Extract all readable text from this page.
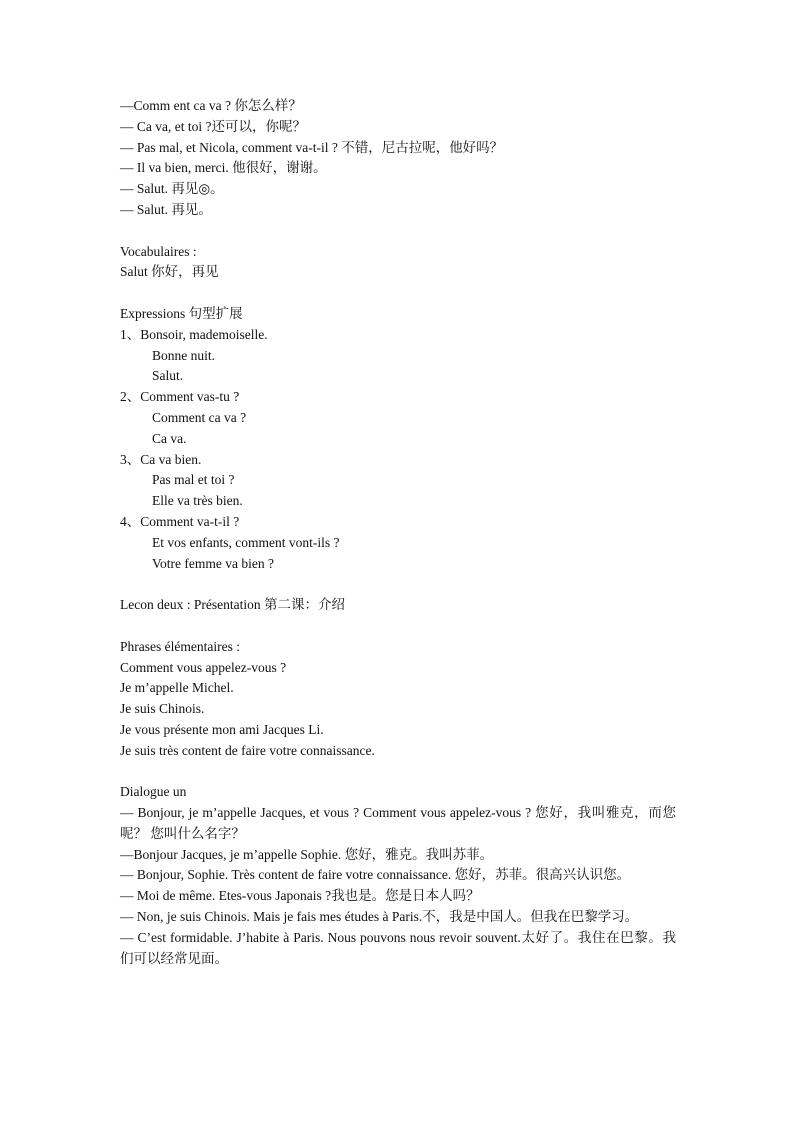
—Comm ent ca va ? 你怎么样？
— Ca va, et toi ?还可以，你呢？
— Pas mal, et Nicola, comment va-t-il ? 不错，尼古拉呢，他好吗？
— Il va bien, merci. 他很好，谢谢。
— Salut. 再见◎。
— Salut. 再见。
Vocabulaires :
Salut 你好，再见
Expressions 句型扩展
1、Bonsoir, mademoiselle.
Bonne nuit.
Salut.
2、Comment vas-tu ?
Comment ca va ?
Ca va.
3、Ca va bien.
Pas mal et toi ?
Elle va très bien.
4、Comment va-t-il ?
Et vos enfants, comment vont-ils ?
Votre femme va bien ?
Lecon deux : Présentation 第二课：介绍
Phrases élémentaires :
Comment vous appelez-vous ?
Je m’appelle Michel.
Je suis Chinois.
Je vous présente mon ami Jacques Li.
Je suis très content de faire votre connaissance.
Dialogue un
— Bonjour, je m’appelle Jacques, et vous ? Comment vous appelez-vous ? 您好，我叫雅克，而您呢？ 您叫什么名字？
—Bonjour Jacques, je m’appelle Sophie. 您好，雅克。我叫苏菲。
— Bonjour, Sophie. Très content de faire votre connaissance. 您好，苏菲。很高兴认识您。
— Moi de même. Etes-vous Japonais ?我也是。您是日本人吗？
— Non, je suis Chinois. Mais je fais mes études à Paris.不，我是中国人。但我在巴黎学习。
— C’est formidable. J’habite à Paris. Nous pouvons nous revoir souvent.太好了。我住在巴黎。我们可以经常见面。
